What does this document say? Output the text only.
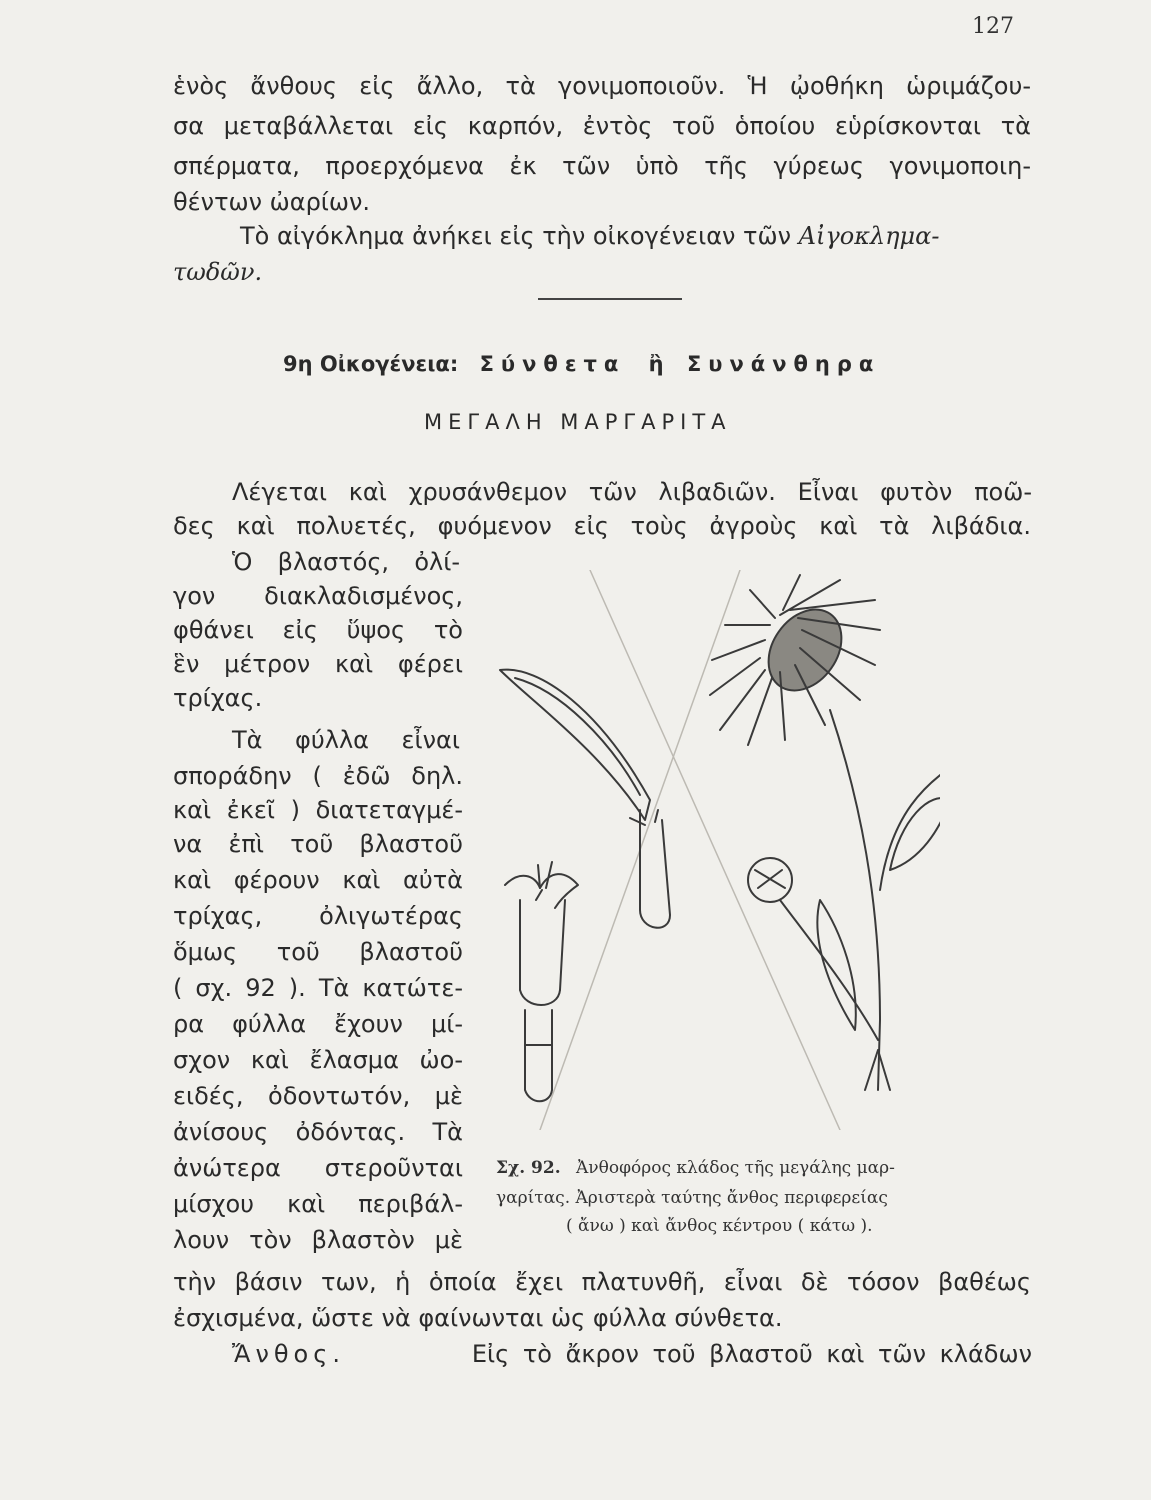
127
ἑνὸς ἄνθους εἰς ἄλλο, τὰ γονιμοποιοῦν. Ἡ ᾠοθήκη ὡριμάζου-
σα μεταβάλλεται εἰς καρπόν, ἐντὸς τοῦ ὁποίου εὑρίσκονται τὰ
σπέρματα, προερχόμενα ἐκ τῶν ὑπὸ τῆς γύρεως γονιμοποιη-
θέντων ὠαρίων.
Τὸ αἰγόκλημα ἀνήκει εἰς τὴν οἰκογένειαν τῶν Αἰγοκλημα-
τωδῶν.
9η Οἰκογένεια: Σύνθετα ἢ Συνάνθηρα
ΜΕΓΑΛΗ ΜΑΡΓΑΡΙΤΑ
Λέγεται καὶ χρυσάνθεμον τῶν λιβαδιῶν. Εἶναι φυτὸν ποῶ-
δες καὶ πολυετές, φυόμενον εἰς τοὺς ἀγροὺς καὶ τὰ λιβάδια.
Ὁ βλαστός, ὀλί-
γον διακλαδισμένος,
φθάνει εἰς ὕψος τὸ
ἓν μέτρον καὶ φέρει
τρίχας.
Τὰ φύλλα εἶναι
σποράδην ( ἐδῶ δηλ.
καὶ ἐκεῖ ) διατεταγμέ-
να ἐπὶ τοῦ βλαστοῦ
καὶ φέρουν καὶ αὐτὰ
τρίχας, ὀλιγωτέρας
ὅμως τοῦ βλαστοῦ
( σχ. 92 ). Τὰ κατώτε-
ρα φύλλα ἔχουν μί-
σχον καὶ ἔλασμα ὠο-
ειδές, ὀδοντωτόν, μὲ
ἀνίσους ὀδόντας. Τὰ
ἀνώτερα στεροῦνται
μίσχου καὶ περιβάλ-
λουν τὸν βλαστὸν μὲ
Σχ. 92. Ἀνθοφόρος κλάδος τῆς μεγάλης μαρ-
γαρίτας. Ἀριστερὰ ταύτης ἄνθος περιφερείας
( ἄνω ) καὶ ἄνθος κέντρου ( κάτω ).
τὴν βάσιν των, ἡ ὁποία ἔχει πλατυνθῆ, εἶναι δὲ τόσον βαθέως
ἐσχισμένα, ὥστε νὰ φαίνωνται ὡς φύλλα σύνθετα.
Ἄνθος.	Εἰς τὸ ἄκρον τοῦ βλαστοῦ καὶ τῶν κλάδων
